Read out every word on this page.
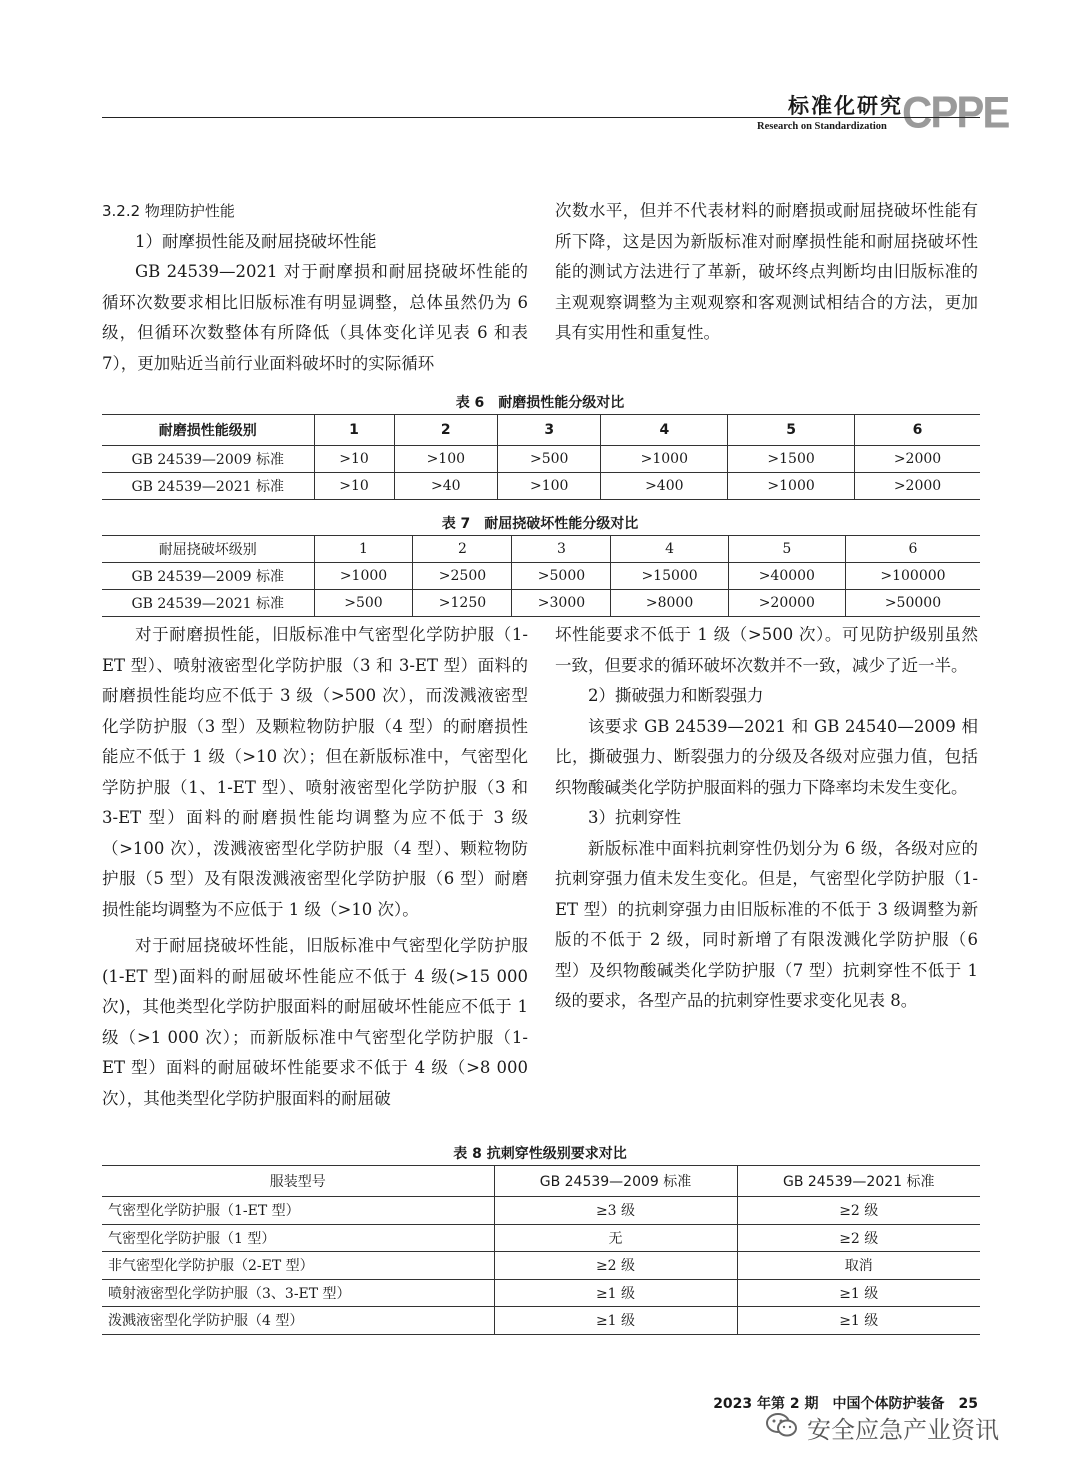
标准化研究
Research on Standardization CPPE

3.2.2 物理防护性能

1）耐摩损性能及耐屈挠破坏性能

GB 24539—2021 对于耐摩损和耐屈挠破坏性能的循环次数要求相比旧版标准有明显调整，总体虽然仍为 6 级，但循环次数整体有所降低（具体变化详见表 6 和表 7），更加贴近当前行业面料破坏时的实际循环

次数水平，但并不代表材料的耐磨损或耐屈挠破坏性能有所下降，这是因为新版标准对耐摩损性能和耐屈挠破坏性能的测试方法进行了革新，破坏终点判断均由旧版标准的主观观察调整为主观观察和客观测试相结合的方法，更加具有实用性和重复性。

表 6　耐磨损性能分级对比
耐磨损性能级别	1	2	3	4	5	6
GB 24539—2009 标准	>10	>100	>500	>1000	>1500	>2000
GB 24539—2021 标准	>10	>40	>100	>400	>1000	>2000
表 7　耐屈挠破坏性能分级对比
耐屈挠破坏级别	1	2	3	4	5	6
GB 24539—2009 标准	>1000	>2500	>5000	>15000	>40000	>100000
GB 24539—2021 标准	>500	>1250	>3000	>8000	>20000	>50000

对于耐磨损性能，旧版标准中气密型化学防护服（1-ET 型）、喷射液密型化学防护服（3 和 3-ET 型）面料的耐磨损性能均应不低于 3 级（>500 次），而泼溅液密型化学防护服（3 型）及颗粒物防护服（4 型）的耐磨损性能应不低于 1 级（>10 次）；但在新版标准中，气密型化学防护服（1、1-ET 型）、喷射液密型化学防护服（3 和 3-ET 型）面料的耐磨损性能均调整为应不低于 3 级（>100 次），泼溅液密型化学防护服（4 型）、颗粒物防护服（5 型）及有限泼溅液密型化学防护服（6 型）耐磨损性能均调整为不应低于 1 级（>10 次）。

对于耐屈挠破坏性能，旧版标准中气密型化学防护服(1-ET 型)面料的耐屈破坏性能应不低于 4 级(>15 000 次)，其他类型化学防护服面料的耐屈破坏性能应不低于 1 级（>1 000 次）；而新版标准中气密型化学防护服（1-ET 型）面料的耐屈破坏性能要求不低于 4 级（>8 000 次），其他类型化学防护服面料的耐屈破

坏性能要求不低于 1 级（>500 次）。可见防护级别虽然一致，但要求的循环破坏次数并不一致，减少了近一半。

2）撕破强力和断裂强力

该要求 GB 24539—2021 和 GB 24540—2009 相比，撕破强力、断裂强力的分级及各级对应强力值，包括织物酸碱类化学防护服面料的强力下降率均未发生变化。

3）抗刺穿性

新版标准中面料抗刺穿性仍划分为 6 级，各级对应的抗刺穿强力值未发生变化。但是，气密型化学防护服（1-ET 型）的抗刺穿强力由旧版标准的不低于 3 级调整为新版的不低于 2 级，同时新增了有限泼溅化学防护服（6 型）及织物酸碱类化学防护服（7 型）抗刺穿性不低于 1 级的要求，各型产品的抗刺穿性要求变化见表 8。

表 8 抗刺穿性级别要求对比
服装型号	GB 24539—2009 标准	GB 24539—2021 标准
气密型化学防护服（1-ET 型）	≥3 级	≥2 级
气密型化学防护服（1 型）	无	≥2 级
非气密型化学防护服（2-ET 型）	≥2 级	取消
喷射液密型化学防护服（3、3-ET 型）	≥1 级	≥1 级
泼溅液密型化学防护服（4 型）	≥1 级	≥1 级
2023 年第 2 期　中国个体防护装备　25
安全应急产业资讯
